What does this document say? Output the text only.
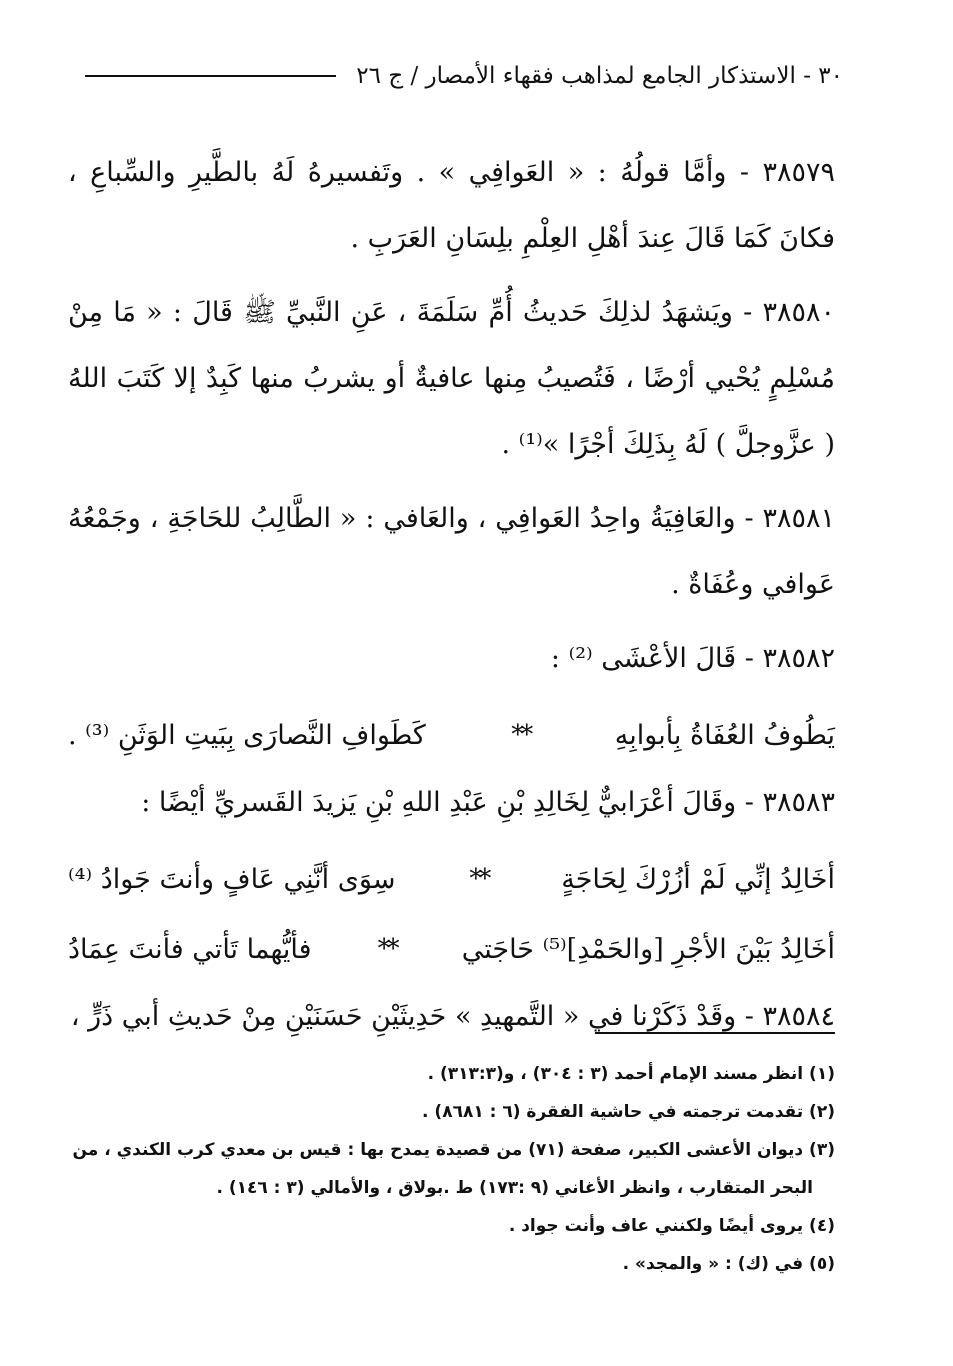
٣٠ - الاستذكار الجامع لمذاهب فقهاء الأمصار / ج ٢٦

٣٨٥٧٩ - وأمَّا قولُهُ : « العَوافِي » . وتَفسيرهُ لَهُ بالطَّيرِ والسِّباعِ ، فكانَ كَمَا قَالَ عِندَ أهْلِ العِلْمِ بلِسَانِ العَرَبِ .

٣٨٥٨٠ - ويَشهَدُ لذلِكَ حَديثُ أُمِّ سَلَمَةَ ، عَنِ النَّبيِّ ﷺ قَالَ : « مَا مِنْ مُسْلِمٍ يُحْيي أرْضًا ، فَتُصيبُ مِنها عافيةٌ أو يشربُ منها كَبِدٌ إلا كَتَبَ اللهُ ( عزَّوجلَّ ) لَهُ بِذَلِكَ أجْرًا »⁽¹⁾ .

٣٨٥٨١ - والعَافِيَةُ واحِدُ العَوافِي ، والعَافي : « الطَّالِبُ للحَاجَةِ ، وجَمْعُهُ عَوافي وعُفَاةٌ .

٣٨٥٨٢ - قَالَ الأعْشَى ⁽²⁾ :

يَطُوفُ العُفَاةُ بِأبوابِهِ
**
كَطَوافِ النَّصارَى بِبَيتِ الوَثَنِ ⁽³⁾ .

٣٨٥٨٣ - وقَالَ أعْرَابيٌّ لِخَالِدِ بْنِ عَبْدِ اللهِ بْنِ يَزيدَ القَسريِّ أيْضًا :

أخَالِدُ إنِّي لَمْ أزُرْكَ لِحَاجَةٍ
**
سِوَى أنَّنِي عَافٍ وأنتَ جَوادُ ⁽⁴⁾
أخَالِدُ بَيْنَ الأجْرِ [والحَمْدِ]⁽⁵⁾ حَاجَتي
**
فأيُّهما تَأتي فأنتَ عِمَادُ

٣٨٥٨٤ - وقَدْ ذَكَرْنا في « التَّمهيدِ » حَدِيثَيْنِ حَسَنَيْنِ مِنْ حَديثِ أبي ذَرٍّ ،

(١) انظر مسند الإمام أحمد (٣ : ٣٠٤) ، و(٣١٣:٣) .

(٢) تقدمت ترجمته في حاشية الفقرة (٦ : ٨٦٨١) .

(٣) ديوان الأعشى الكبير، صفحة (٧١) من قصيدة يمدح بها : قيس بن معدي كرب الكندي ، من

البحر المتقارب ، وانظر الأغاني (٩ :١٧٣) ط .بولاق ، والأمالي (٣ : ١٤٦) .

(٤) يروى أيضًا ولكنني عاف وأنت جواد .

(٥) في (ك) : « والمجد» .
